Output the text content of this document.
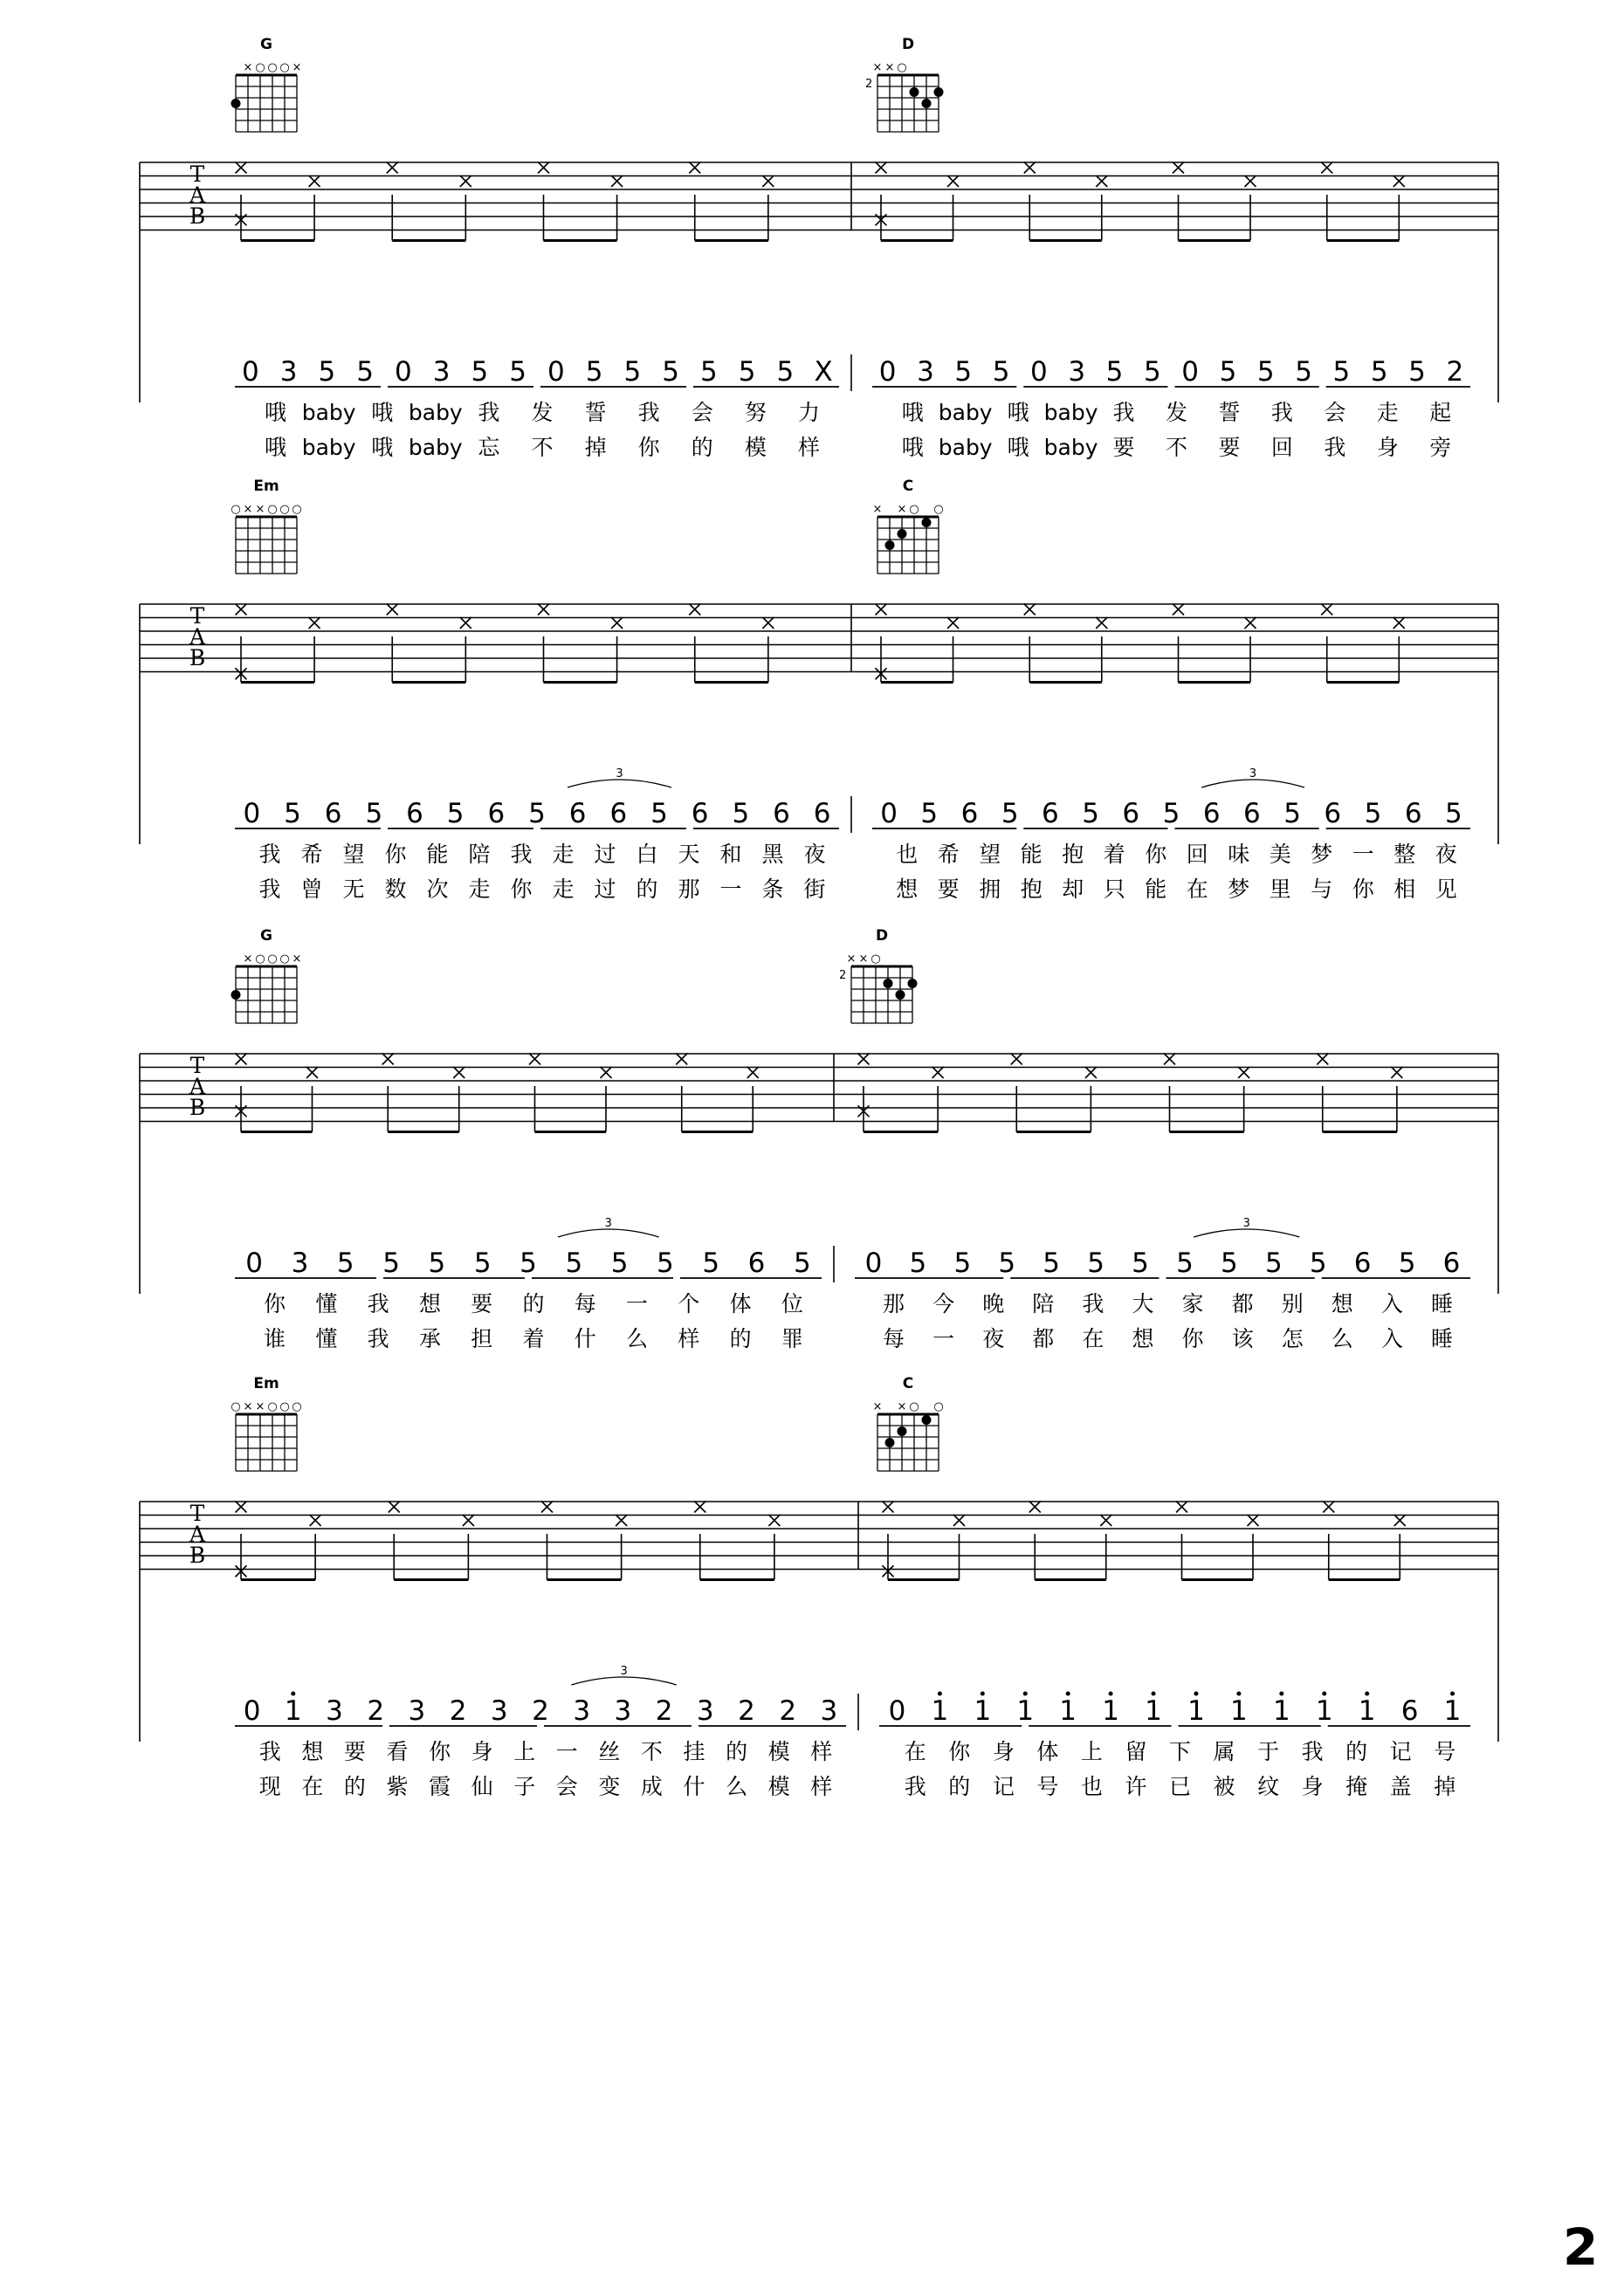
T
A
B
0 3 5 5 0 3 5 5 0 5 5 5 5 5 5 X
哦 baby 哦 baby 我 发 誓 我 会 努 力
哦 baby 哦 baby 忘 不 掉 你 的 模 样
0 3 5 5 0 3 5 5 0 5 5 5 5 5 5 2
哦 baby 哦 baby 我 发 誓 我 会 走 起
哦 baby 哦 baby 要 不 要 回 我 身 旁
G
× ○ ○ ○ ×
D
× × ○
2
T
A
B
0 5 6 5 6 5 6 5 6 6 5 6 5 6 6
3
我 希 望 你 能 陪 我 走 过 白 天 和 黑 夜
我 曾 无 数 次 走 你 走 过 的 那 一 条 街
0 5 6 5 6 5 6 5 6 6 5 6 5 6 5
3
也 希 望 能 抱 着 你 回 味 美 梦 一 整 夜
想 要 拥 抱 却 只 能 在 梦 里 与 你 相 见
Em
○ × × ○ ○ ○
C
× × ○ ○
T
A
B
0 3 5 5 5 5 5 5 5 5 5 6 5
3
你 懂 我 想 要 的 每 一 个 体 位
谁 懂 我 承 担 着 什 么 样 的 罪
0 5 5 5 5 5 5 5 5 5 5 6 5 6
3
那 今 晚 陪 我 大 家 都 别 想 入 睡
每 一 夜 都 在 想 你 该 怎 么 入 睡
G
× ○ ○ ○ ×
D
× × ○
2
T
A
B
0 1 3 2 3 2 3 2 3 3 2 3 2 2 3
3
我 想 要 看 你 身 上 一 丝 不 挂 的 模 样
现 在 的 紫 霞 仙 子 会 变 成 什 么 模 样
0 1 1 1 1 1 1 1 1 1 1 1 6 1
在 你 身 体 上 留 下 属 于 我 的 记 号
我 的 记 号 也 许 已 被 纹 身 掩 盖 掉
Em
○ × × ○ ○ ○
C
× × ○ ○
2
